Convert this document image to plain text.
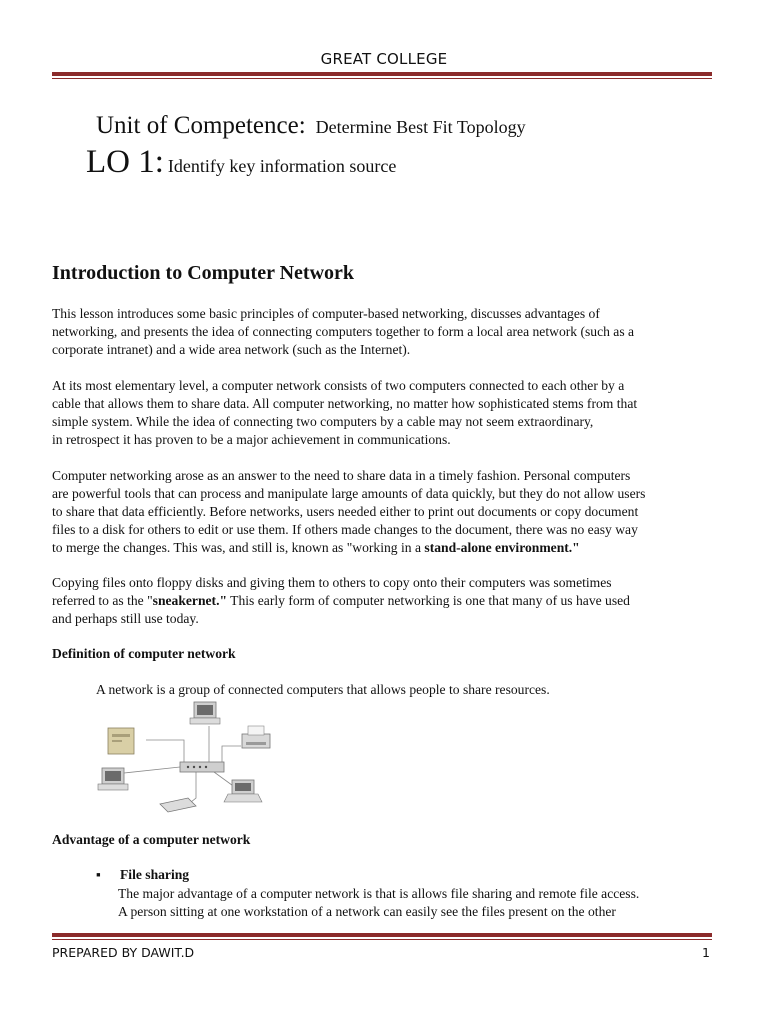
GREAT COLLEGE
Unit of Competence: Determine Best Fit Topology
LO 1: Identify key information source
Introduction to Computer Network

This lesson introduces some basic principles of computer-based networking, discusses advantages of
networking, and presents the idea of connecting computers together to form a local area network (such as a
corporate intranet) and a wide area network (such as the Internet).

At its most elementary level, a computer network consists of two computers connected to each other by a
cable that allows them to share data. All computer networking, no matter how sophisticated stems from that
simple system. While the idea of connecting two computers by a cable may not seem extraordinary,
in retrospect it has proven to be a major achievement in communications.

Computer networking arose as an answer to the need to share data in a timely fashion. Personal computers
are powerful tools that can process and manipulate large amounts of data quickly, but they do not allow users
to share that data efficiently. Before networks, users needed either to print out documents or copy document
files to a disk for others to edit or use them. If others made changes to the document, there was no easy way
to merge the changes. This was, and still is, known as "working in a stand-alone environment."

Copying files onto floppy disks and giving them to others to copy onto their computers was sometimes
referred to as the "sneakernet." This early form of computer networking is one that many of us have used
and perhaps still use today.

Definition of computer network
A network is a group of connected computers that allows people to share resources.
Advantage of a computer network
▪ File sharing
The major advantage of a computer network is that is allows file sharing and remote file access.
A person sitting at one workstation of a network can easily see the files present on the other
PREPARED BY DAWIT.D	1
